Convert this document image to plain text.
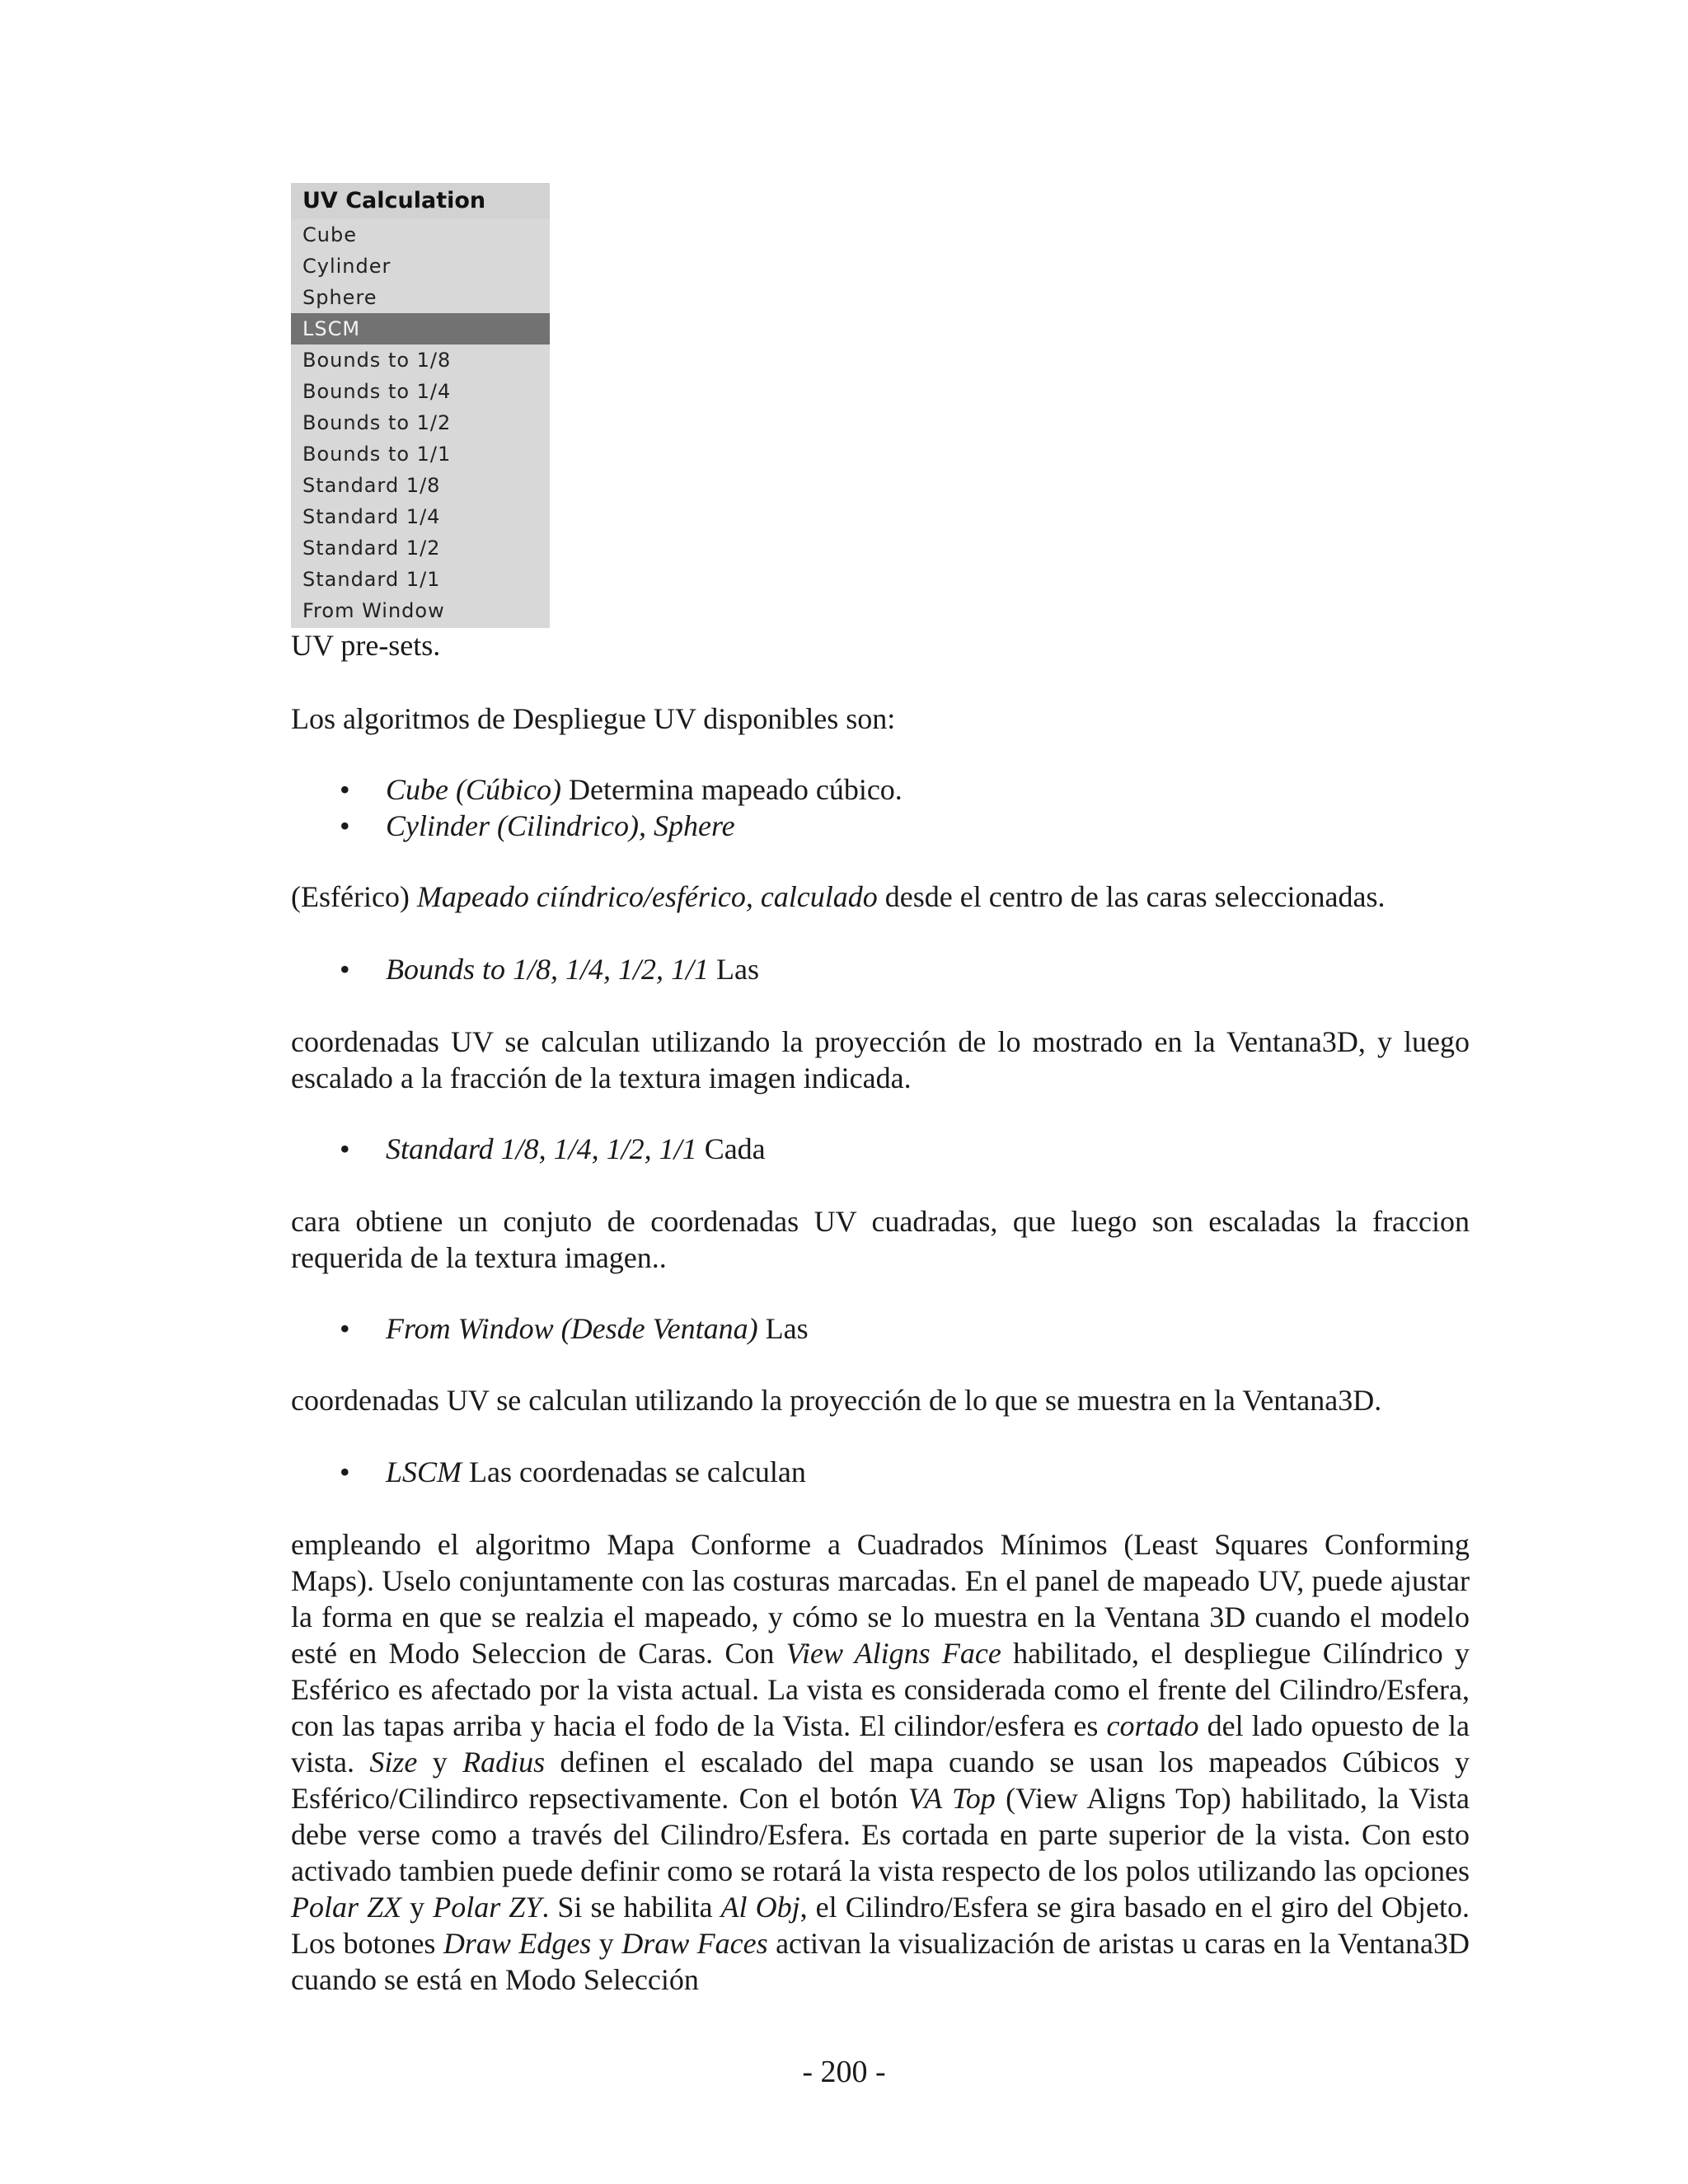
UV Calculation
Cube
Cylinder
Sphere
LSCM
Bounds to 1/8
Bounds to 1/4
Bounds to 1/2
Bounds to 1/1
Standard 1/8
Standard 1/4
Standard 1/2
Standard 1/1
From Window
UV pre-sets.
Los algoritmos de Despliegue UV disponibles son:
• Cube (Cúbico) Determina mapeado cúbico.
• Cylinder (Cilindrico), Sphere
(Esférico) Mapeado ciíndrico/esférico, calculado desde el centro de las caras seleccionadas.
• Bounds to 1/8, 1/4, 1/2, 1/1 Las
coordenadas UV se calculan utilizando la proyección de lo mostrado en la Ventana3D, y luego escalado a la fracción de la textura imagen indicada.
• Standard 1/8, 1/4, 1/2, 1/1 Cada
cara obtiene un conjuto de coordenadas UV cuadradas, que luego son escaladas la fraccion requerida de la textura imagen..
• From Window (Desde Ventana) Las
coordenadas UV se calculan utilizando la proyección de lo que se muestra en la Ventana3D.
• LSCM Las coordenadas se calculan
empleando el algoritmo Mapa Conforme a Cuadrados Mínimos (Least Squares Conforming Maps). Uselo conjuntamente con las costuras marcadas. En el panel de mapeado UV, puede ajustar la forma en que se realzia el mapeado, y cómo se lo muestra en la Ventana 3D cuando el modelo esté en Modo Seleccion de Caras. Con View Aligns Face habilitado, el despliegue Cilíndrico y Esférico es afectado por la vista actual. La vista es considerada como el frente del Cilindro/Esfera, con las tapas arriba y hacia el fodo de la Vista. El cilindor/esfera es cortado del lado opuesto de la vista. Size y Radius definen el escalado del mapa cuando se usan los mapeados Cúbicos y Esférico/Cilindirco repsectivamente. Con el botón VA Top (View Aligns Top) habilitado, la Vista debe verse como a través del Cilindro/Esfera. Es cortada en parte superior de la vista. Con esto activado tambien puede definir como se rotará la vista respecto de los polos utilizando las opciones Polar ZX y Polar ZY. Si se habilita Al Obj, el Cilindro/Esfera se gira basado en el giro del Objeto. Los botones Draw Edges y Draw Faces activan la visualización de aristas u caras en la Ventana3D cuando se está en Modo Selección
- 200 -
